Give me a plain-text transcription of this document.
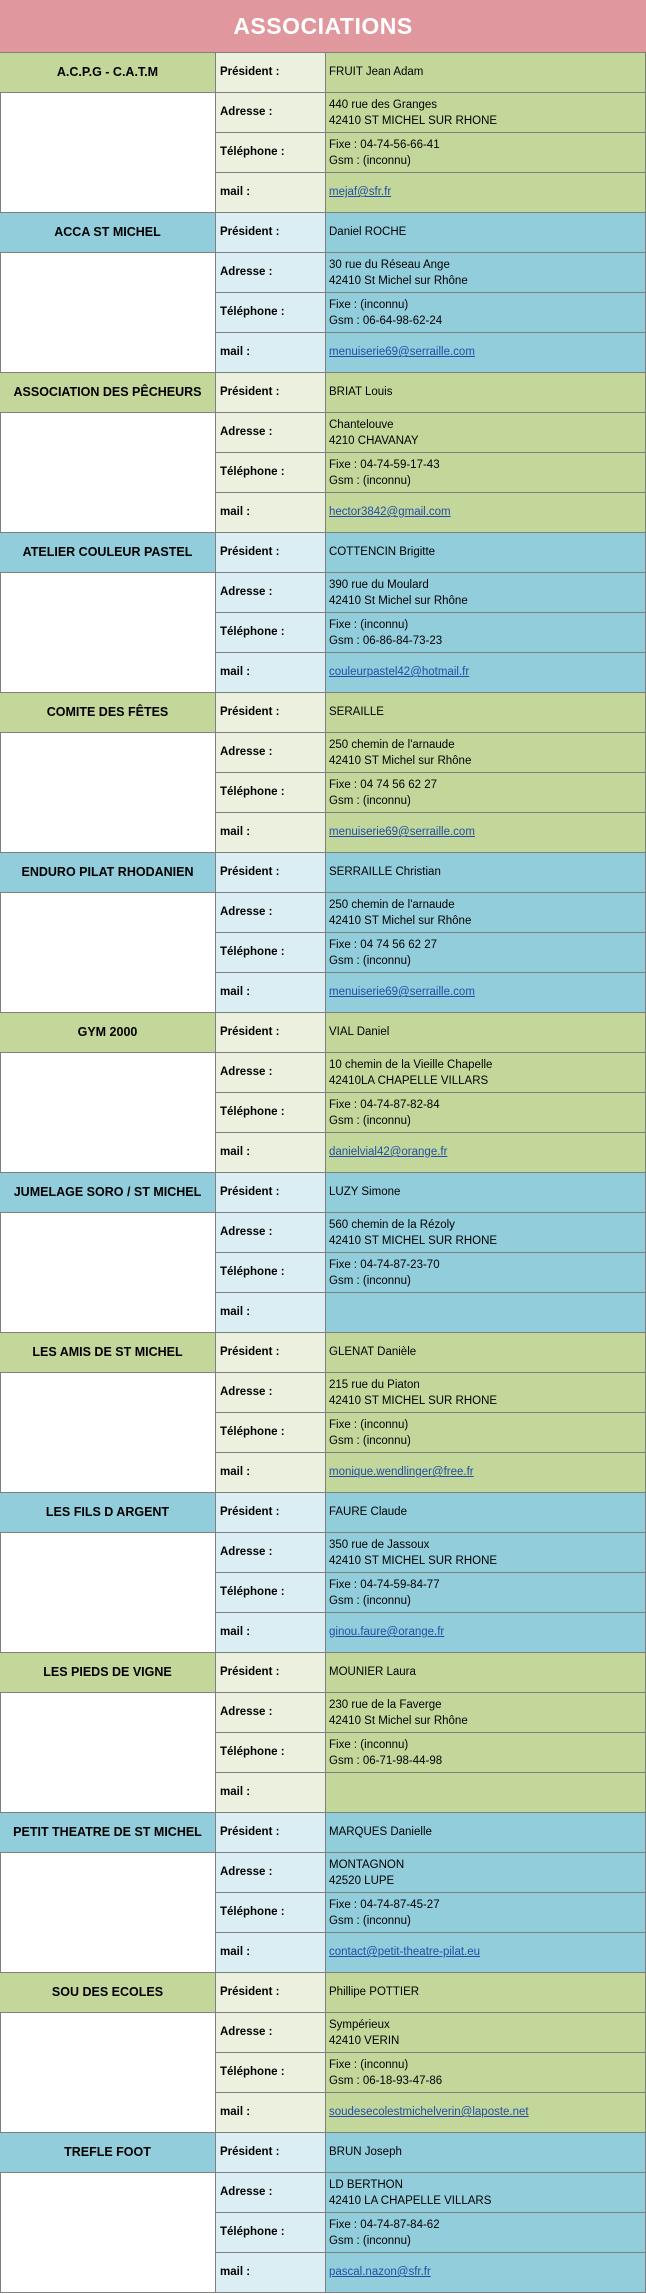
ASSOCIATIONS
A.C.P.G - C.A.T.M	Président :	FRUIT Jean Adam
Adresse :
440 rue des Granges
42410 ST MICHEL SUR RHONE
Téléphone :
Fixe : 04-74-56-66-41
Gsm : (inconnu)
mail :	mejaf@sfr.fr
ACCA ST MICHEL	Président :	Daniel ROCHE
Adresse :
30 rue du Réseau Ange
42410 St Michel sur Rhône
Téléphone :
Fixe : (inconnu)
Gsm : 06-64-98-62-24
mail :	menuiserie69@serraille.com
ASSOCIATION DES PÊCHEURS	Président :	BRIAT Louis
Adresse :
Chantelouve
4210 CHAVANAY
Téléphone :
Fixe : 04-74-59-17-43
Gsm : (inconnu)
mail :	hector3842@gmail.com
ATELIER COULEUR PASTEL	Président :	COTTENCIN Brigitte
Adresse :
390 rue du Moulard
42410 St Michel sur Rhône
Téléphone :
Fixe : (inconnu)
Gsm : 06-86-84-73-23
mail :	couleurpastel42@hotmail.fr
COMITE DES FÊTES	Président :	SERAILLE
Adresse :
250 chemin de l'arnaude
42410 ST Michel sur Rhône
Téléphone :
Fixe : 04 74 56 62 27
Gsm : (inconnu)
mail :	menuiserie69@serraille.com
ENDURO PILAT RHODANIEN	Président :	SERRAILLE Christian
Adresse :
250 chemin de l'arnaude
42410 ST Michel sur Rhône
Téléphone :
Fixe : 04 74 56 62 27
Gsm : (inconnu)
mail :	menuiserie69@serraille.com
GYM 2000	Président :	VIAL Daniel
Adresse :
10 chemin de la Vieille Chapelle
42410LA CHAPELLE VILLARS
Téléphone :
Fixe : 04-74-87-82-84
Gsm : (inconnu)
mail :	danielvial42@orange.fr
JUMELAGE SORO / ST MICHEL	Président :	LUZY Simone
Adresse :
560 chemin de la Rézoly
42410 ST MICHEL SUR RHONE
Téléphone :
Fixe : 04-74-87-23-70
Gsm : (inconnu)
mail :
LES AMIS DE ST MICHEL	Président :	GLENAT Danièle
Adresse :
215 rue du Piaton
42410 ST MICHEL SUR RHONE
Téléphone :
Fixe : (inconnu)
Gsm : (inconnu)
mail :	monique.wendlinger@free.fr
LES FILS D ARGENT	Président :	FAURE Claude
Adresse :
350 rue de Jassoux
42410 ST MICHEL SUR RHONE
Téléphone :
Fixe : 04-74-59-84-77
Gsm : (inconnu)
mail :	ginou.faure@orange.fr
LES PIEDS DE VIGNE	Président :	MOUNIER Laura
Adresse :
230 rue de la Faverge
42410 St Michel sur Rhône
Téléphone :
Fixe : (inconnu)
Gsm : 06-71-98-44-98
mail :
PETIT THEATRE DE ST MICHEL	Président :	MARQUES Danielle
Adresse :
MONTAGNON
42520 LUPE
Téléphone :
Fixe : 04-74-87-45-27
Gsm : (inconnu)
mail :	contact@petit-theatre-pilat.eu
SOU DES ECOLES	Président :	Phillipe POTTIER
Adresse :
Sympérieux
42410 VERIN
Téléphone :
Fixe : (inconnu)
Gsm : 06-18-93-47-86
mail :	soudesecolestmichelverin@laposte.net
TREFLE FOOT	Président :	BRUN Joseph
Adresse :
LD BERTHON
42410 LA CHAPELLE VILLARS
Téléphone :
Fixe : 04-74-87-84-62
Gsm : (inconnu)
mail :	pascal.nazon@sfr.fr
